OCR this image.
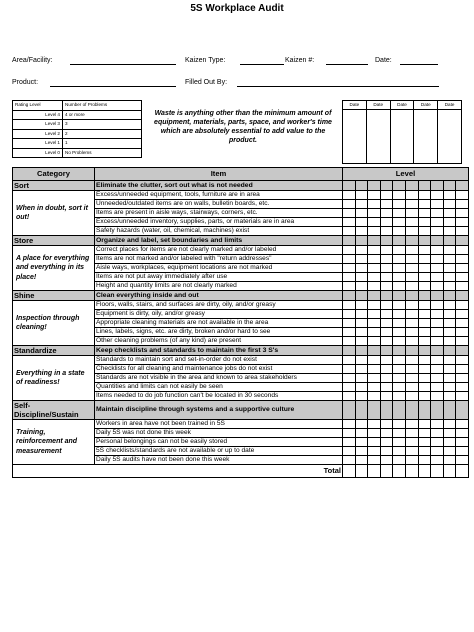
5S Workplace Audit
Area/Facility:	Kaizen Type:	Kaizen #:	Date:
Product:	Filled Out By:
Rating Level	Number of Problems
Level 4	4 or more
Level 3	3
Level 2	2
Level 1	1
Level 0	No Problems
Waste is anything other than the minimum amount of equipment, materials, parts, space, and worker's time which are absolutely essential to add value to the product.
Date	Date	Date	Date	Date

Category	Item	Level									
Sort	Eliminate the clutter, sort out what is not needed										
When in doubt, sort it out!	Excess/unneeded equipment, tools, furniture are in area										
	Unneeded/outdated items are on walls, bulletin boards, etc.										
	Items are present in aisle ways, stairways, corners, etc.										
	Excess/unneeded inventory, supplies, parts, or materials are in area										
	Safety hazards (water, oil, chemical, machines) exist										
Store	Organize and label, set boundaries and limits										
A place for everything and everything in its place!	Correct places for items are not clearly marked and/or labeled										
	Items are not marked and/or labeled with "return addresses"										
	Aisle ways, workplaces, equipment locations are not marked										
	Items are not put away immediately after use										
	Height and quantity limits are not clearly marked										
Shine	Clean everything inside and out										
Inspection through cleaning!	Floors, walls, stairs, and surfaces are dirty, oily, and/or greasy										
	Equipment is dirty, oily, and/or greasy										
	Appropriate cleaning materials are not available in the area										
	Lines, labels, signs, etc. are dirty, broken and/or hard to see										
	Other cleaning problems (of any kind) are present										
Standardize	Keep checklists and standards to maintain the first 3 S's										
Everything in a state of readiness!	Standards to maintain sort and set-in-order do not exist										
	Checklists for all cleaning and maintenance jobs do not exist										
	Standards are not visible in the area and known to area stakeholders										
	Quantities and limits can not easily be seen										
	Items needed to do job function can't be located in 30 seconds										
Self-Discipline/Sustain	Maintain discipline through systems and a supportive culture										
Training, reinforcement and measurement	Workers in area have not been trained in 5S										
	Daily 5S was not done this week										
	Personal belongings can not be easily stored										
	5S checklists/standards are not available or up to date										
	Daily 5S audits have not been done this week										
Total											
